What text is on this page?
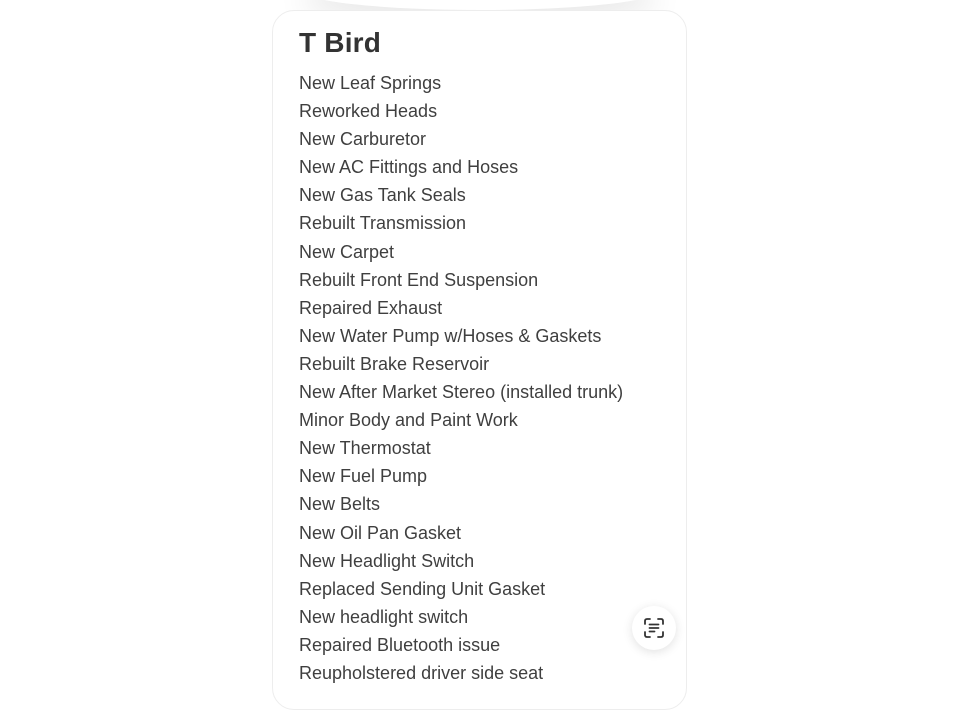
T Bird
New Leaf Springs
Reworked Heads
New Carburetor
New AC Fittings and Hoses
New Gas Tank Seals
Rebuilt Transmission
New Carpet
Rebuilt Front End Suspension
Repaired Exhaust
New Water Pump w/Hoses & Gaskets
Rebuilt Brake Reservoir
New After Market Stereo (installed trunk)
Minor Body and Paint Work
New Thermostat
New Fuel Pump
New Belts
New Oil Pan Gasket
New Headlight Switch
Replaced Sending Unit Gasket
New headlight switch
Repaired Bluetooth issue
Reupholstered driver side seat
